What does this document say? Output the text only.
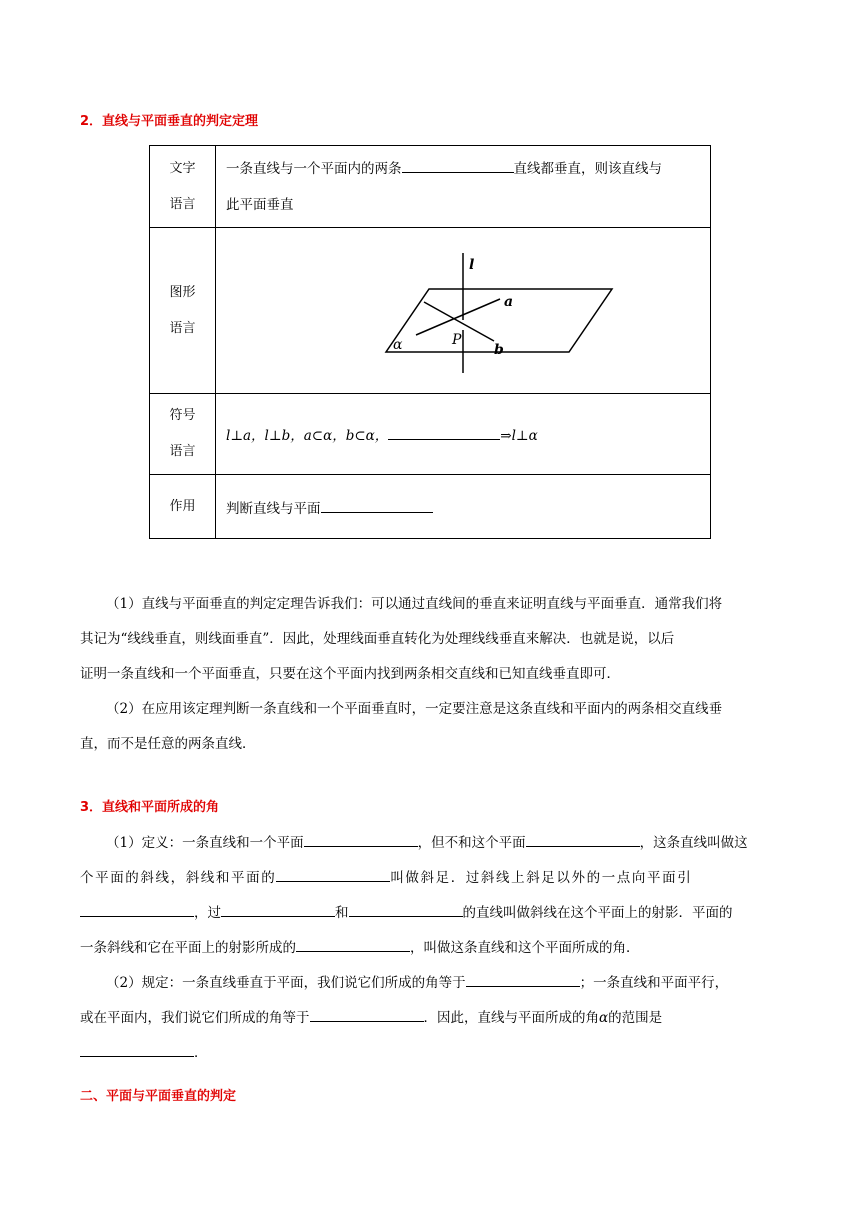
2．直线与平面垂直的判定定理
文字
语言	一条直线与一个平面内的两条 直线都垂直，则该直线与
此平面垂直
图形
语言	l
a
P
b
α

符号
语言	l⊥a，l⊥b，a⊂α，b⊂α， ⇒l⊥α
作用	判断直线与平面
（1）直线与平面垂直的判定定理告诉我们：可以通过直线间的垂直来证明直线与平面垂直．通常我们将
其记为“线线垂直，则线面垂直”．因此，处理线面垂直转化为处理线线垂直来解决．也就是说，以后
证明一条直线和一个平面垂直，只要在这个平面内找到两条相交直线和已知直线垂直即可．
（2）在应用该定理判断一条直线和一个平面垂直时，一定要注意是这条直线和平面内的两条相交直线垂
直，而不是任意的两条直线．
3．直线和平面所成的角
（1）定义：一条直线和一个平面	，但不和这个平面	，这条直线叫做这
个平面的斜线，斜线和平面的	叫做斜足．过斜线上斜足以外的一点向平面引
，过	和	的直线叫做斜线在这个平面上的射影．平面的
一条斜线和它在平面上的射影所成的	，叫做这条直线和这个平面所成的角．
（2）规定：一条直线垂直于平面，我们说它们所成的角等于	；一条直线和平面平行，
或在平面内，我们说它们所成的角等于	．因此，直线与平面所成的角α的范围是
．
二、平面与平面垂直的判定
